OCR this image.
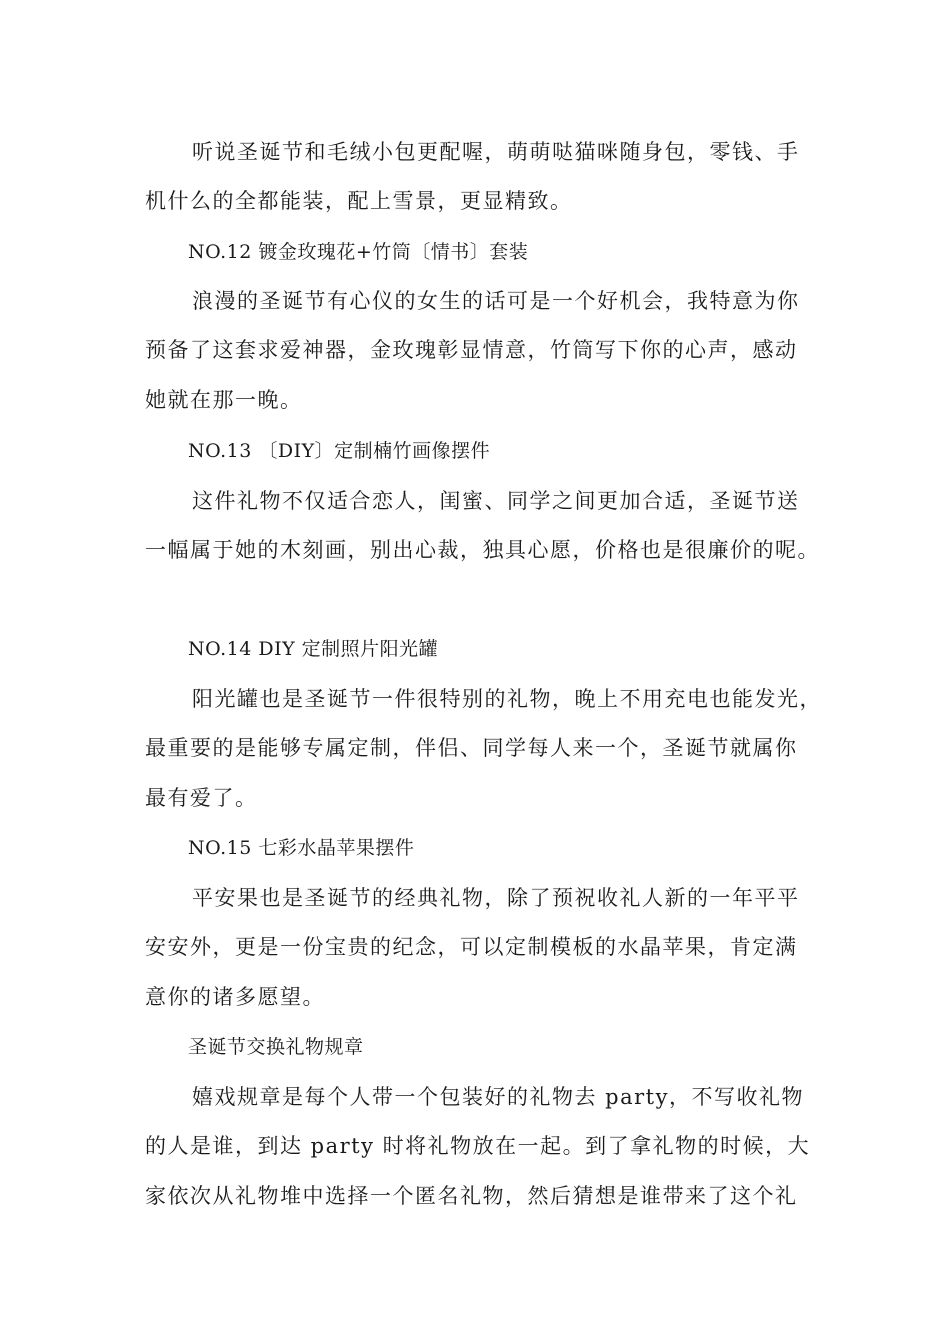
听说圣诞节和毛绒小包更配喔，萌萌哒猫咪随身包，零钱、手
机什么的全都能装，配上雪景，更显精致。
NO.12 镀金玫瑰花+竹筒〔情书〕套装
浪漫的圣诞节有心仪的女生的话可是一个好机会，我特意为你
预备了这套求爱神器，金玫瑰彰显情意，竹筒写下你的心声，感动
她就在那一晚。
NO.13 〔DIY〕定制楠竹画像摆件
这件礼物不仅适合恋人，闺蜜、同学之间更加合适，圣诞节送
一幅属于她的木刻画，别出心裁，独具心愿，价格也是很廉价的呢。
NO.14 DIY 定制照片阳光罐
阳光罐也是圣诞节一件很特别的礼物，晚上不用充电也能发光，
最重要的是能够专属定制，伴侣、同学每人来一个，圣诞节就属你
最有爱了。
NO.15 七彩水晶苹果摆件
平安果也是圣诞节的经典礼物，除了预祝收礼人新的一年平平
安安外，更是一份宝贵的纪念，可以定制模板的水晶苹果，肯定满
意你的诸多愿望。
圣诞节交换礼物规章
嬉戏规章是每个人带一个包装好的礼物去 party，不写收礼物
的人是谁，到达 party 时将礼物放在一起。到了拿礼物的时候，大
家依次从礼物堆中选择一个匿名礼物，然后猜想是谁带来了这个礼
